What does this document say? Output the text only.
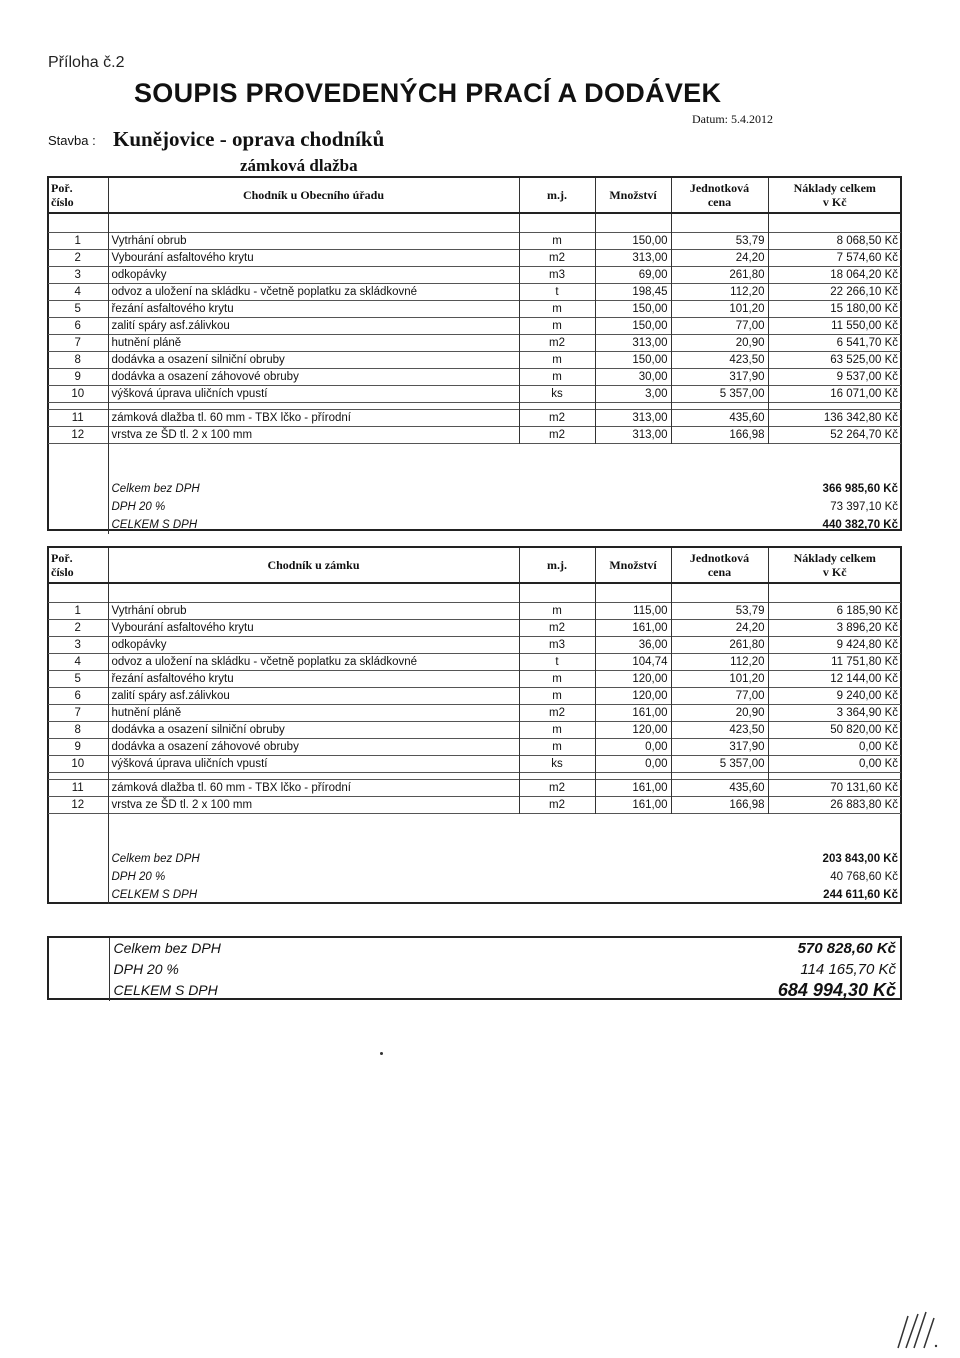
Příloha č.2
SOUPIS PROVEDENÝCH PRACÍ A DODÁVEK
Datum: 5.4.2012
Stavba : Kunějovice - oprava chodníků
zámková dlažba
Poř.
číslo	Chodník u Obecního úřadu	m.j.	Množství	Jednotková
cena	Náklady celkem
v Kč

1	Vytrhání obrub	m	150,00	53,79	8 068,50 Kč
2	Vybourání asfaltového krytu	m2	313,00	24,20	7 574,60 Kč
3	odkopávky	m3	69,00	261,80	18 064,20 Kč
4	odvoz a uložení na skládku - včetně poplatku za skládkovné	t	198,45	112,20	22 266,10 Kč
5	řezání asfaltového krytu	m	150,00	101,20	15 180,00 Kč
6	zalití spáry asf.zálivkou	m	150,00	77,00	11 550,00 Kč
7	hutnění pláně	m2	313,00	20,90	6 541,70 Kč
8	dodávka a osazení silniční obruby	m	150,00	423,50	63 525,00 Kč
9	dodávka a osazení záhovové obruby	m	30,00	317,90	9 537,00 Kč
10	výšková úprava uličních vpustí	ks	3,00	5 357,00	16 071,00 Kč

11	zámková dlažba tl. 60 mm - TBX lčko - přírodní	m2	313,00	435,60	136 342,80 Kč
12	vrstva ze ŠD tl. 2 x 100 mm	m2	313,00	166,98	52 264,70 Kč

	Celkem bez DPH				366 985,60 Kč
	DPH 20 %				73 397,10 Kč
	CELKEM S DPH				440 382,70 Kč
Poř.
číslo	Chodník u zámku	m.j.	Množství	Jednotková
cena	Náklady celkem
v Kč

1	Vytrhání obrub	m	115,00	53,79	6 185,90 Kč
2	Vybourání asfaltového krytu	m2	161,00	24,20	3 896,20 Kč
3	odkopávky	m3	36,00	261,80	9 424,80 Kč
4	odvoz a uložení na skládku - včetně poplatku za skládkovné	t	104,74	112,20	11 751,80 Kč
5	řezání asfaltového krytu	m	120,00	101,20	12 144,00 Kč
6	zalití spáry asf.zálivkou	m	120,00	77,00	9 240,00 Kč
7	hutnění pláně	m2	161,00	20,90	3 364,90 Kč
8	dodávka a osazení silniční obruby	m	120,00	423,50	50 820,00 Kč
9	dodávka a osazení záhovové obruby	m	0,00	317,90	0,00 Kč
10	výšková úprava uličních vpustí	ks	0,00	5 357,00	0,00 Kč

11	zámková dlažba tl. 60 mm - TBX lčko - přírodní	m2	161,00	435,60	70 131,60 Kč
12	vrstva ze ŠD tl. 2 x 100 mm	m2	161,00	166,98	26 883,80 Kč

	Celkem bez DPH				203 843,00 Kč
	DPH 20 %				40 768,60 Kč
	CELKEM S DPH				244 611,60 Kč
	Celkem bez DPH	570 828,60 Kč
	DPH 20 %	114 165,70 Kč
	CELKEM S DPH	684 994,30 Kč
